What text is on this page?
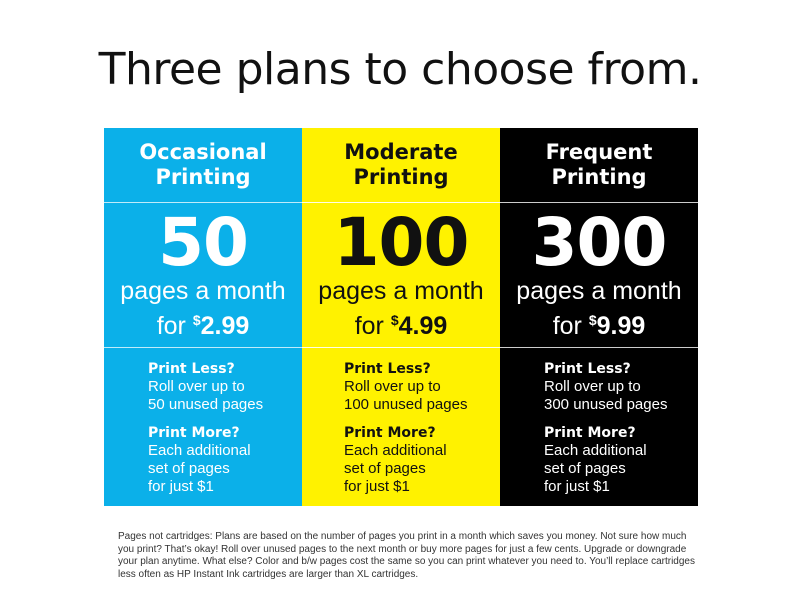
Three plans to choose from.
Occasional
Printing
50
pages a month
for $2.99
Print Less?
Roll over up to
50 unused pages
Print More?
Each additional
set of pages
for just $1
Moderate
Printing
100
pages a month
for $4.99
Print Less?
Roll over up to
100 unused pages
Print More?
Each additional
set of pages
for just $1
Frequent
Printing
300
pages a month
for $9.99
Print Less?
Roll over up to
300 unused pages
Print More?
Each additional
set of pages
for just $1
Pages not cartridges: Plans are based on the number of pages you print in a month which saves you money. Not sure how much you print? That’s okay! Roll over unused pages to the next month or buy more pages for just a few cents. Upgrade or downgrade your plan anytime. What else? Color and b/w pages cost the same so you can print whatever you need to. You’ll replace cartridges less often as HP Instant Ink cartridges are larger than XL cartridges.
